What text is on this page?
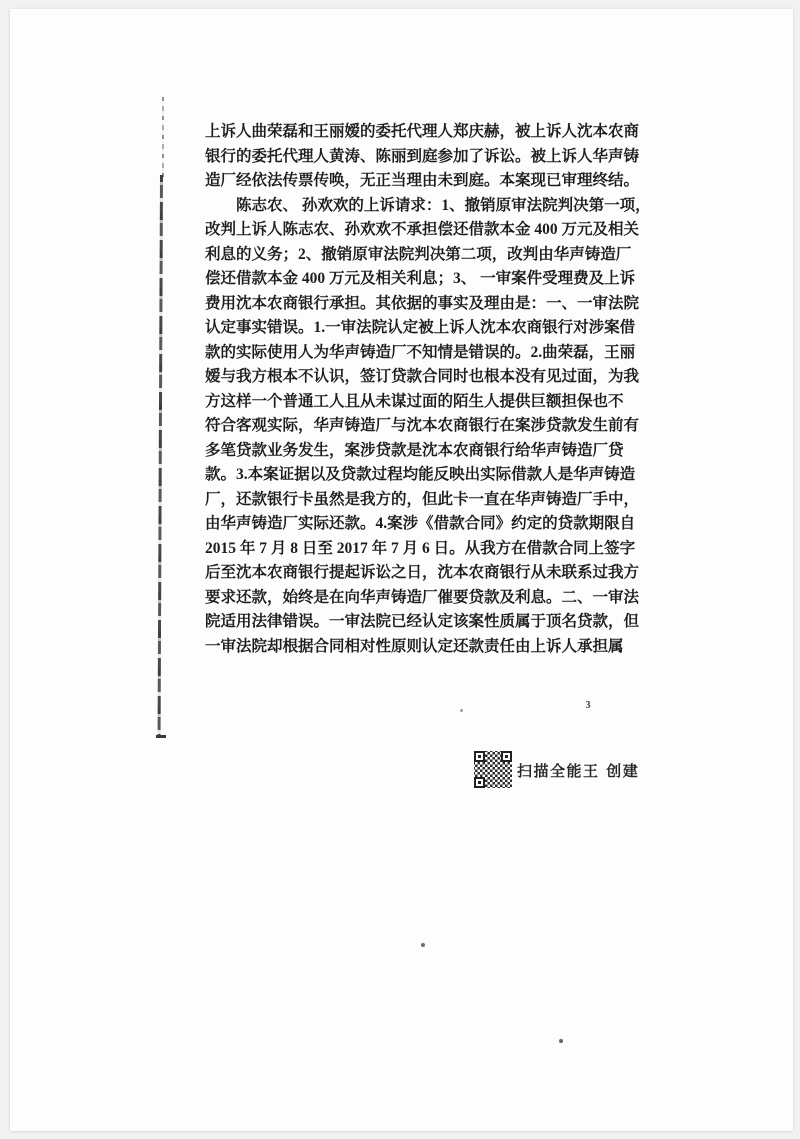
上诉人曲荣磊和王丽嫒的委托代理人郑庆赫，被上诉人沈本农商
银行的委托代理人黄涛、陈丽到庭参加了诉讼。被上诉人华声铸
造厂经依法传票传唤，无正当理由未到庭。本案现已审理终结。
　　陈志农、 孙欢欢的上诉请求：1、撤销原审法院判决第一项，
改判上诉人陈志农、孙欢欢不承担偿还借款本金 400 万元及相关
利息的义务；2、撤销原审法院判决第二项，改判由华声铸造厂
偿还借款本金 400 万元及相关利息；3、 一审案件受理费及上诉
费用沈本农商银行承担。其依据的事实及理由是：一、一审法院
认定事实错误。1.一审法院认定被上诉人沈本农商银行对涉案借
款的实际使用人为华声铸造厂不知情是错误的。2.曲荣磊，王丽
嫒与我方根本不认识，签订贷款合同时也根本没有见过面，为我
方这样一个普通工人且从未谋过面的陌生人提供巨额担保也不
符合客观实际，华声铸造厂与沈本农商银行在案涉贷款发生前有
多笔贷款业务发生，案涉贷款是沈本农商银行给华声铸造厂贷
款。3.本案证据以及贷款过程均能反映出实际借款人是华声铸造
厂，还款银行卡虽然是我方的，但此卡一直在华声铸造厂手中，
由华声铸造厂实际还款。4.案涉《借款合同》约定的贷款期限自
2015 年 7 月 8 日至 2017 年 7 月 6 日。从我方在借款合同上签字
后至沈本农商银行提起诉讼之日，沈本农商银行从未联系过我方
要求还款，始终是在向华声铸造厂催要贷款及利息。二、一审法
院适用法律错误。一审法院已经认定该案性质属于顶名贷款，但
一审法院却根据合同相对性原则认定还款责任由上诉人承担属
3
扫描全能王 创建
